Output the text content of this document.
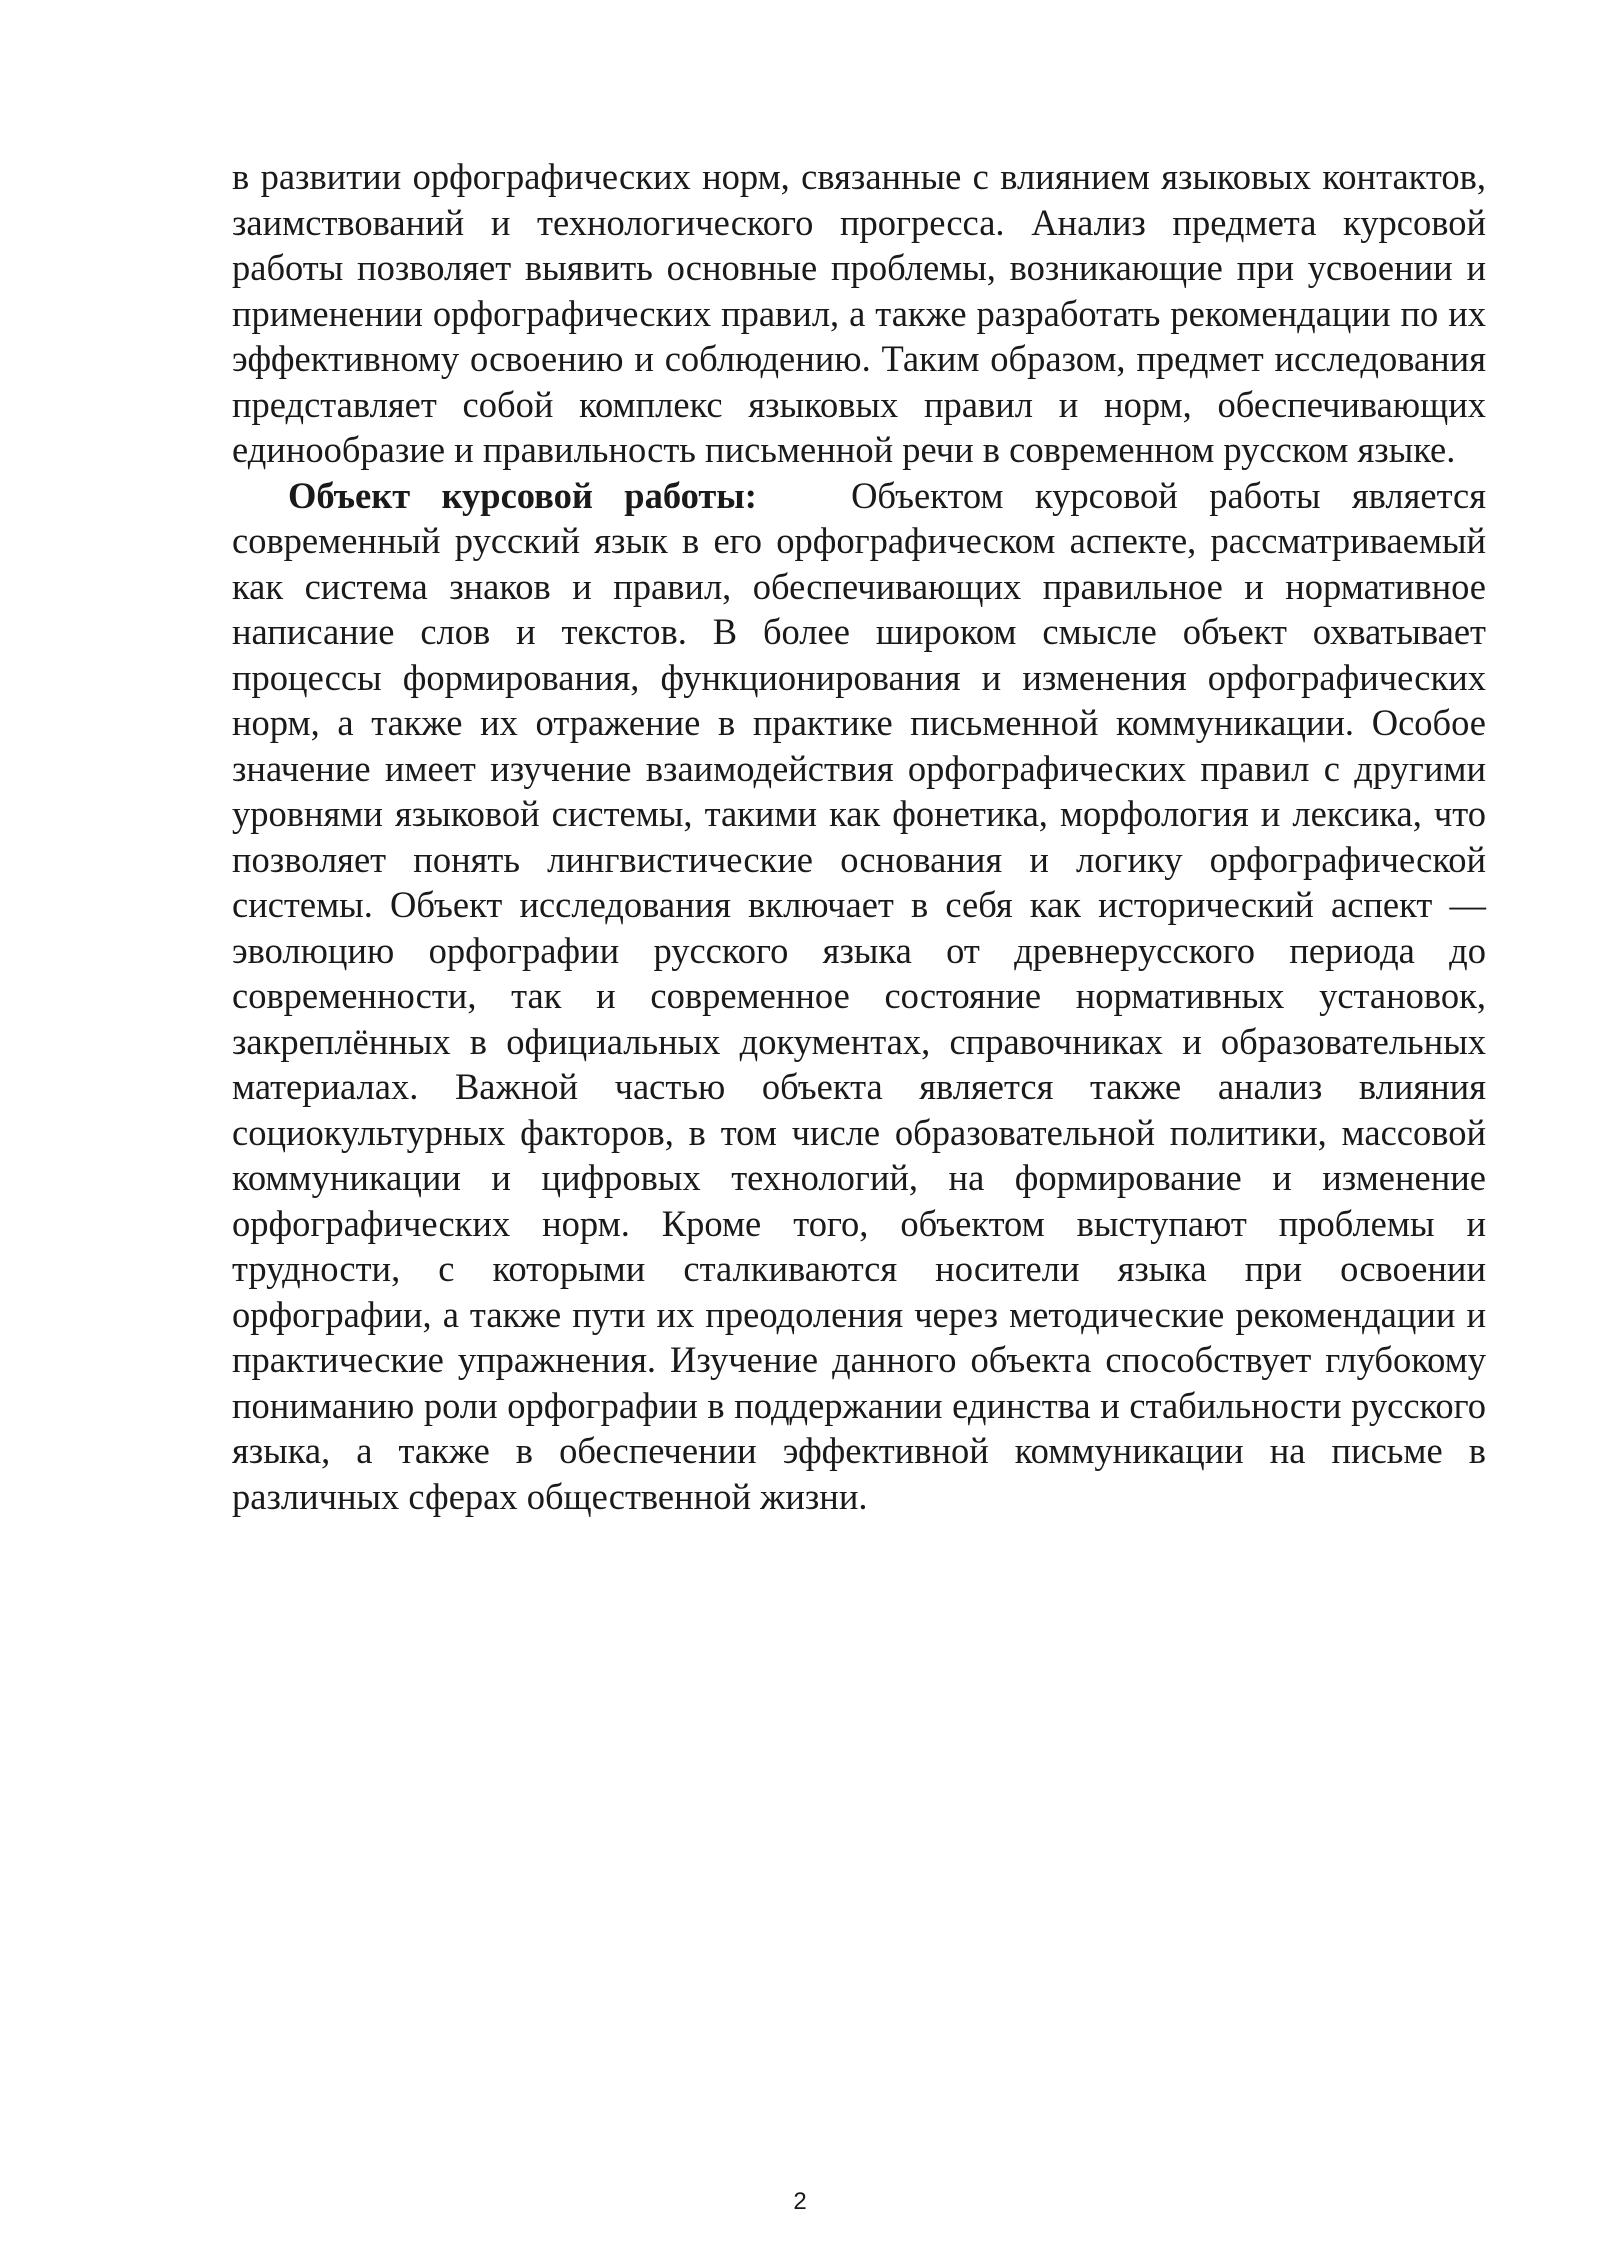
в развитии орфографических норм, связанные с влиянием языковых контактов, заимствований и технологического прогресса. Анализ предмета курсовой работы позволяет выявить основные проблемы, возникающие при усвоении и применении орфографических правил, а также разработать рекомендации по их эффективному освоению и соблюдению. Таким образом, предмет исследования представляет собой комплекс языковых правил и норм, обеспечивающих единообразие и правильность письменной речи в современном русском языке.

Объект курсовой работы:	Объектом курсовой работы является современный русский язык в его орфографическом аспекте, рассматриваемый как система знаков и правил, обеспечивающих правильное и нормативное написание слов и текстов. В более широком смысле объект охватывает процессы формирования, функционирования и изменения орфографических норм, а также их отражение в практике письменной коммуникации. Особое значение имеет изучение взаимодействия орфографических правил с другими уровнями языковой системы, такими как фонетика, морфология и лексика, что позволяет понять лингвистические основания и логику орфографической системы. Объект исследования включает в себя как исторический аспект — эволюцию орфографии русского языка от древнерусского периода до современности, так и современное состояние нормативных установок, закреплённых в официальных документах, справочниках и образовательных материалах. Важной частью объекта является также анализ влияния социокультурных факторов, в том числе образовательной политики, массовой коммуникации и цифровых технологий, на формирование и изменение орфографических норм. Кроме того, объектом выступают проблемы и трудности, с которыми сталкиваются носители языка при освоении орфографии, а также пути их преодоления через методические рекомендации и практические упражнения. Изучение данного объекта способствует глубокому пониманию роли орфографии в поддержании единства и стабильности русского языка, а также в обеспечении эффективной коммуникации на письме в различных сферах общественной жизни.

2
